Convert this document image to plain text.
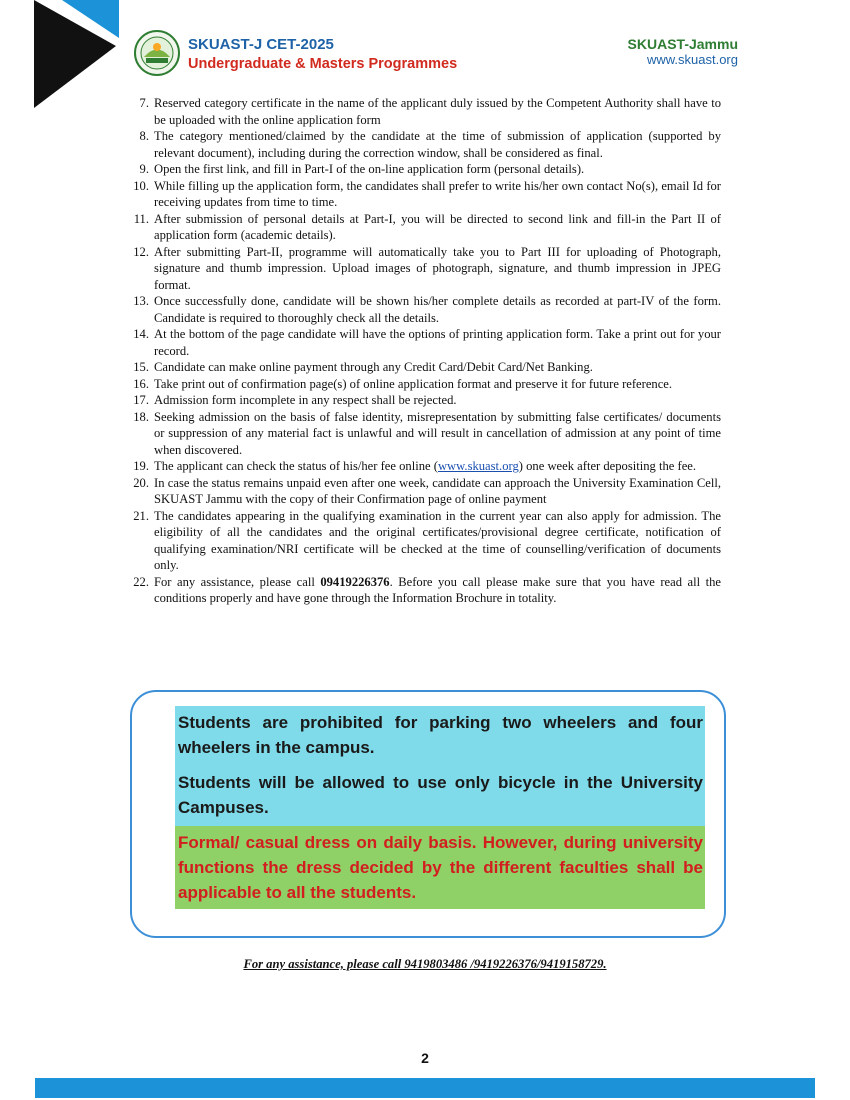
SKUAST-J CET-2025
Undergraduate & Masters Programmes
SKUAST-Jammu
www.skuast.org
7. Reserved category certificate in the name of the applicant duly issued by the Competent Authority shall have to be uploaded with the online application form
8. The category mentioned/claimed by the candidate at the time of submission of application (supported by relevant document), including during the correction window, shall be considered as final.
9. Open the first link, and fill in Part-I of the on-line application form (personal details).
10. While filling up the application form, the candidates shall prefer to write his/her own contact No(s), email Id for receiving updates from time to time.
11. After submission of personal details at Part-I, you will be directed to second link and fill-in the Part II of application form (academic details).
12. After submitting Part-II, programme will automatically take you to Part III for uploading of Photograph, signature and thumb impression. Upload images of photograph, signature, and thumb impression in JPEG format.
13. Once successfully done, candidate will be shown his/her complete details as recorded at part-IV of the form. Candidate is required to thoroughly check all the details.
14. At the bottom of the page candidate will have the options of printing application form. Take a print out for your record.
15. Candidate can make online payment through any Credit Card/Debit Card/Net Banking.
16. Take print out of confirmation page(s) of online application format and preserve it for future reference.
17. Admission form incomplete in any respect shall be rejected.
18. Seeking admission on the basis of false identity, misrepresentation by submitting false certificates/ documents or suppression of any material fact is unlawful and will result in cancellation of admission at any point of time when discovered.
19. The applicant can check the status of his/her fee online (www.skuast.org) one week after depositing the fee.
20. In case the status remains unpaid even after one week, candidate can approach the University Examination Cell, SKUAST Jammu with the copy of their Confirmation page of online payment
21. The candidates appearing in the qualifying examination in the current year can also apply for admission. The eligibility of all the candidates and the original certificates/provisional degree certificate, notification of qualifying examination/NRI certificate will be checked at the time of counselling/verification of documents only.
22. For any assistance, please call 09419226376. Before you call please make sure that you have read all the conditions properly and have gone through the Information Brochure in totality.

Students are prohibited for parking two wheelers and four wheelers in the campus.

Students will be allowed to use only bicycle in the University Campuses.

Formal/ casual dress on daily basis. However, during university functions the dress decided by the different faculties shall be applicable to all the students.
For any assistance, please call 9419803486 /9419226376/9419158729.
2
